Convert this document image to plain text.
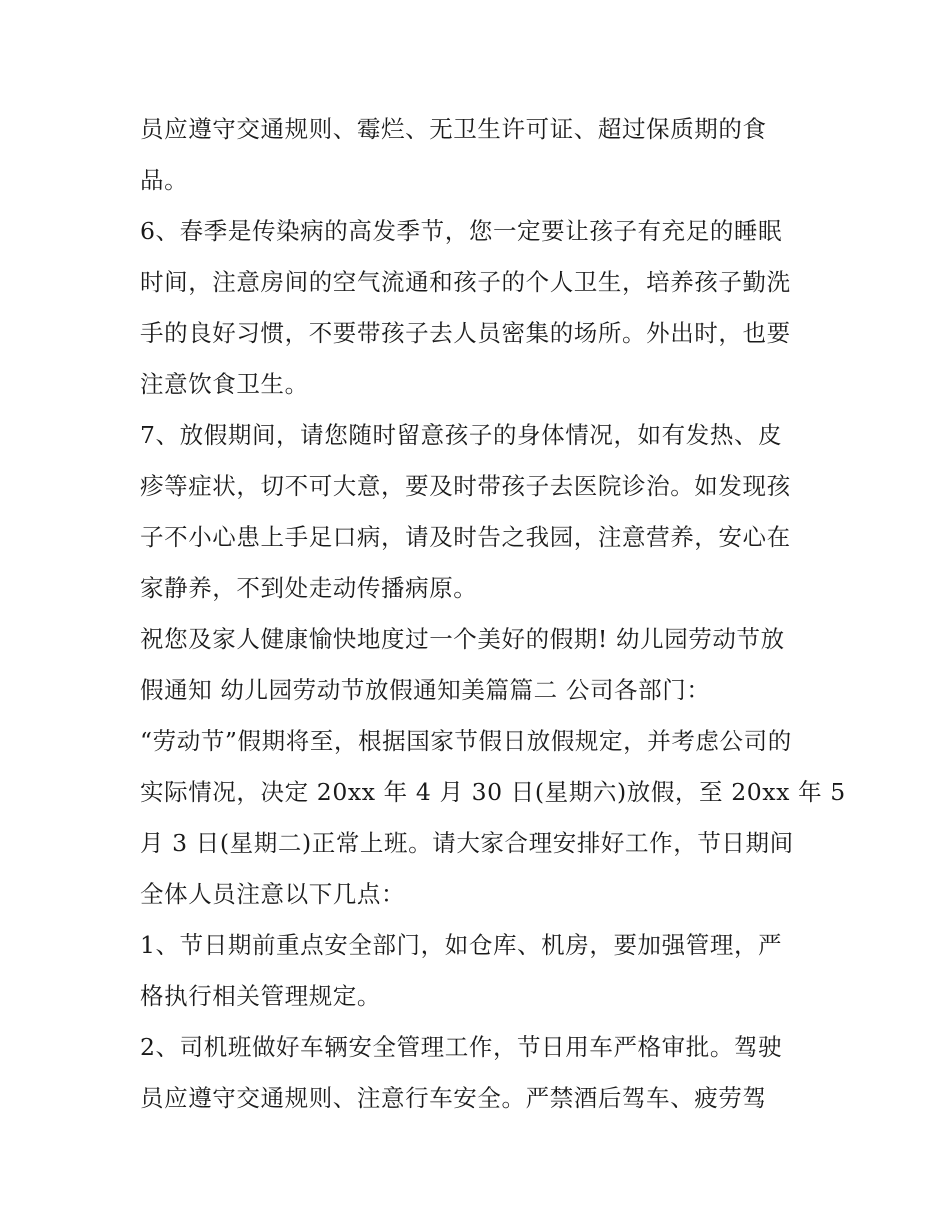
员应遵守交通规则、霉烂、无卫生许可证、超过保质期的食
品。
6、春季是传染病的高发季节，您一定要让孩子有充足的睡眠
时间，注意房间的空气流通和孩子的个人卫生，培养孩子勤洗
手的良好习惯，不要带孩子去人员密集的场所。外出时，也要
注意饮食卫生。
7、放假期间，请您随时留意孩子的身体情况，如有发热、皮
疹等症状，切不可大意，要及时带孩子去医院诊治。如发现孩
子不小心患上手足口病，请及时告之我园，注意营养，安心在
家静养，不到处走动传播病原。
祝您及家人健康愉快地度过一个美好的假期! 幼儿园劳动节放
假通知 幼儿园劳动节放假通知美篇篇二 公司各部门：
“劳动节”假期将至，根据国家节假日放假规定，并考虑公司的
实际情况，决定 20xx 年 4 月 30 日(星期六)放假，至 20xx 年 5
月 3 日(星期二)正常上班。请大家合理安排好工作，节日期间
全体人员注意以下几点：
1、节日期前重点安全部门，如仓库、机房，要加强管理，严
格执行相关管理规定。
2、司机班做好车辆安全管理工作，节日用车严格审批。驾驶
员应遵守交通规则、注意行车安全。严禁酒后驾车、疲劳驾
